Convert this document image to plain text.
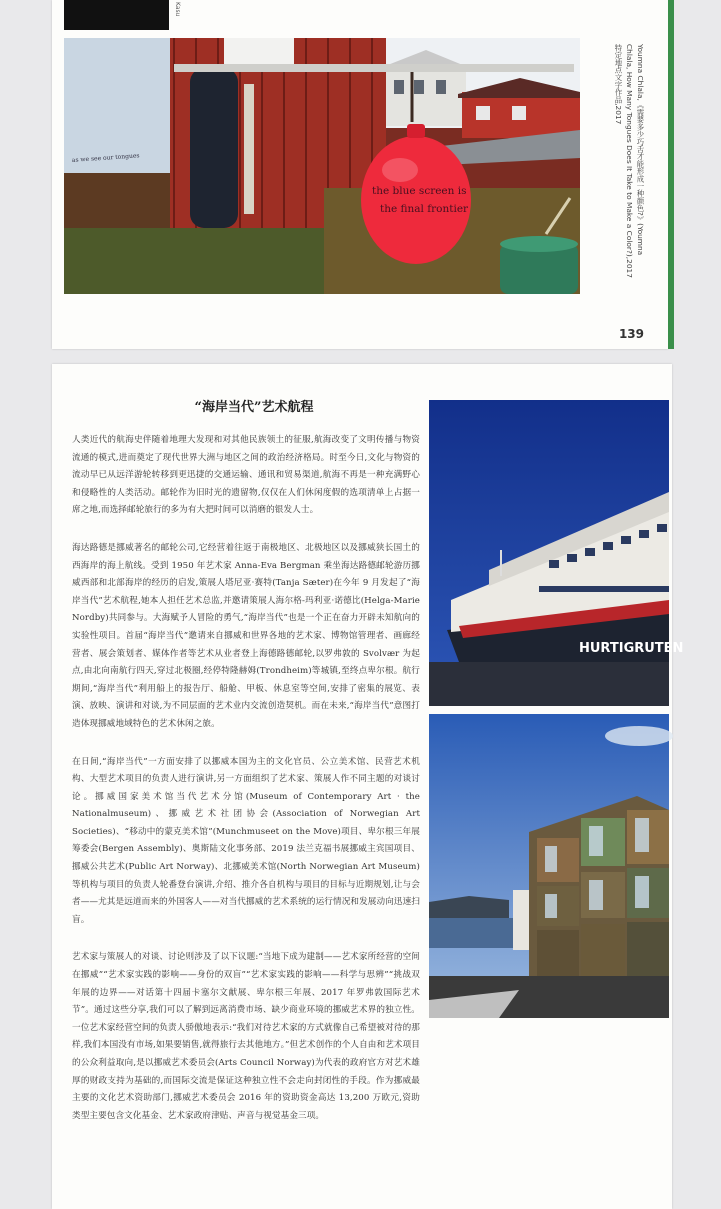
Kasu
as we see our tongues
the blue screen is
the final frontier	Youmna Chlala,《需要多少巧舌才能形成一种颜色?》(Youmna
Chlala, How Many Tongues Does It Take to Make a Color?),2017
特定地点文字作品,2017
139
“海岸当代”艺术航程

人类近代的航海史伴随着地理大发现和对其他民族领土的征服,航海改变了文明传播与物资流通的模式,进而奠定了现代世界大洲与地区之间的政治经济格局。时至今日,文化与物资的流动早已从远洋游轮转移到更迅捷的交通运输、通讯和贸易渠道,航海不再是一种充满野心和侵略性的人类活动。邮轮作为旧时光的遗留物,仅仅在人们休闲度假的选项清单上占据一席之地,而选择邮轮旅行的多为有大把时间可以消磨的银发人士。

海达路德是挪威著名的邮轮公司,它经营着往返于南极地区、北极地区以及挪威狭长国土的西海岸的海上航线。受到 1950 年艺术家 Anna-Eva Bergman 乘坐海达路德邮轮游历挪威西部和北部海岸的经历的启发,策展人塔尼亚·赛特(Tanja Sæter)在今年 9 月发起了“海岸当代”艺术航程,她本人担任艺术总监,并邀请策展人海尔格-玛利亚·诺德比(Helga-Marie Nordby)共同参与。大海赋予人冒险的勇气,“海岸当代”也是一个正在奋力开辟未知航向的实验性项目。首届“海岸当代”邀请来自挪威和世界各地的艺术家、博物馆管理者、画廊经营者、展会策划者、媒体作者等艺术从业者登上海德路德邮轮,以罗弗敦的 Svolvær 为起点,由北向南航行四天,穿过北极圈,经停特隆赫姆(Trondheim)等城镇,至终点卑尔根。航行期间,“海岸当代”利用船上的报告厅、船舱、甲板、休息室等空间,安排了密集的展览、表演、放映、演讲和对谈,为不同层面的艺术业内交流创造契机。而在未来,“海岸当代”意图打造体现挪威地域特色的艺术休闲之旅。

在日间,“海岸当代”一方面安排了以挪威本国为主的文化官员、公立美术馆、民营艺术机构、大型艺术项目的负责人进行演讲,另一方面组织了艺术家、策展人作不同主题的对谈讨论。挪威国家美术馆当代艺术分馆(Museum of Contemporary Art · the Nationalmuseum)、挪威艺术社团协会(Association of Norwegian Art Societies)、“移动中的蒙克美术馆”(Munchmuseet on the Move)项目、卑尔根三年展筹委会(Bergen Assembly)、奥斯陆文化事务部、2019 法兰克福书展挪威主宾国项目、挪威公共艺术(Public Art Norway)、北挪威美术馆(North Norwegian Art Museum)等机构与项目的负责人轮番登台演讲,介绍、推介各自机构与项目的目标与近期规划,让与会者——尤其是远道而来的外国客人——对当代挪威的艺术系统的运行情况和发展动向迅速扫盲。

艺术家与策展人的对谈、讨论则涉及了以下议题:“当地下成为建制——艺术家所经营的空间在挪威”“艺术家实践的影响——身份的双盲”“艺术家实践的影响——科学与思辨”“挑战双年展的边界——对话第十四届卡塞尔文献展、卑尔根三年展、2017 年罗弗敦国际艺术节”。通过这些分享,我们可以了解到远离消费市场、缺少商业环境的挪威艺术界的独立性。一位艺术家经营空间的负责人骄傲地表示:“我们对待艺术家的方式就像自己希望被对待的那样,我们本国没有市场,如果要销售,就得旅行去其他地方。”但艺术创作的个人自由和艺术项目的公众利益取向,是以挪威艺术委员会(Arts Council Norway)为代表的政府官方对艺术雄厚的财政支持为基础的,而国际交流是保证这种独立性不会走向封闭性的手段。作为挪威最主要的文化艺术资助部门,挪威艺术委员会 2016 年的资助资金高达 13,200 万欧元,资助类型主要包含文化基金、艺术家政府津贴、声音与视觉基金三项。

HURTIGRUTEN
